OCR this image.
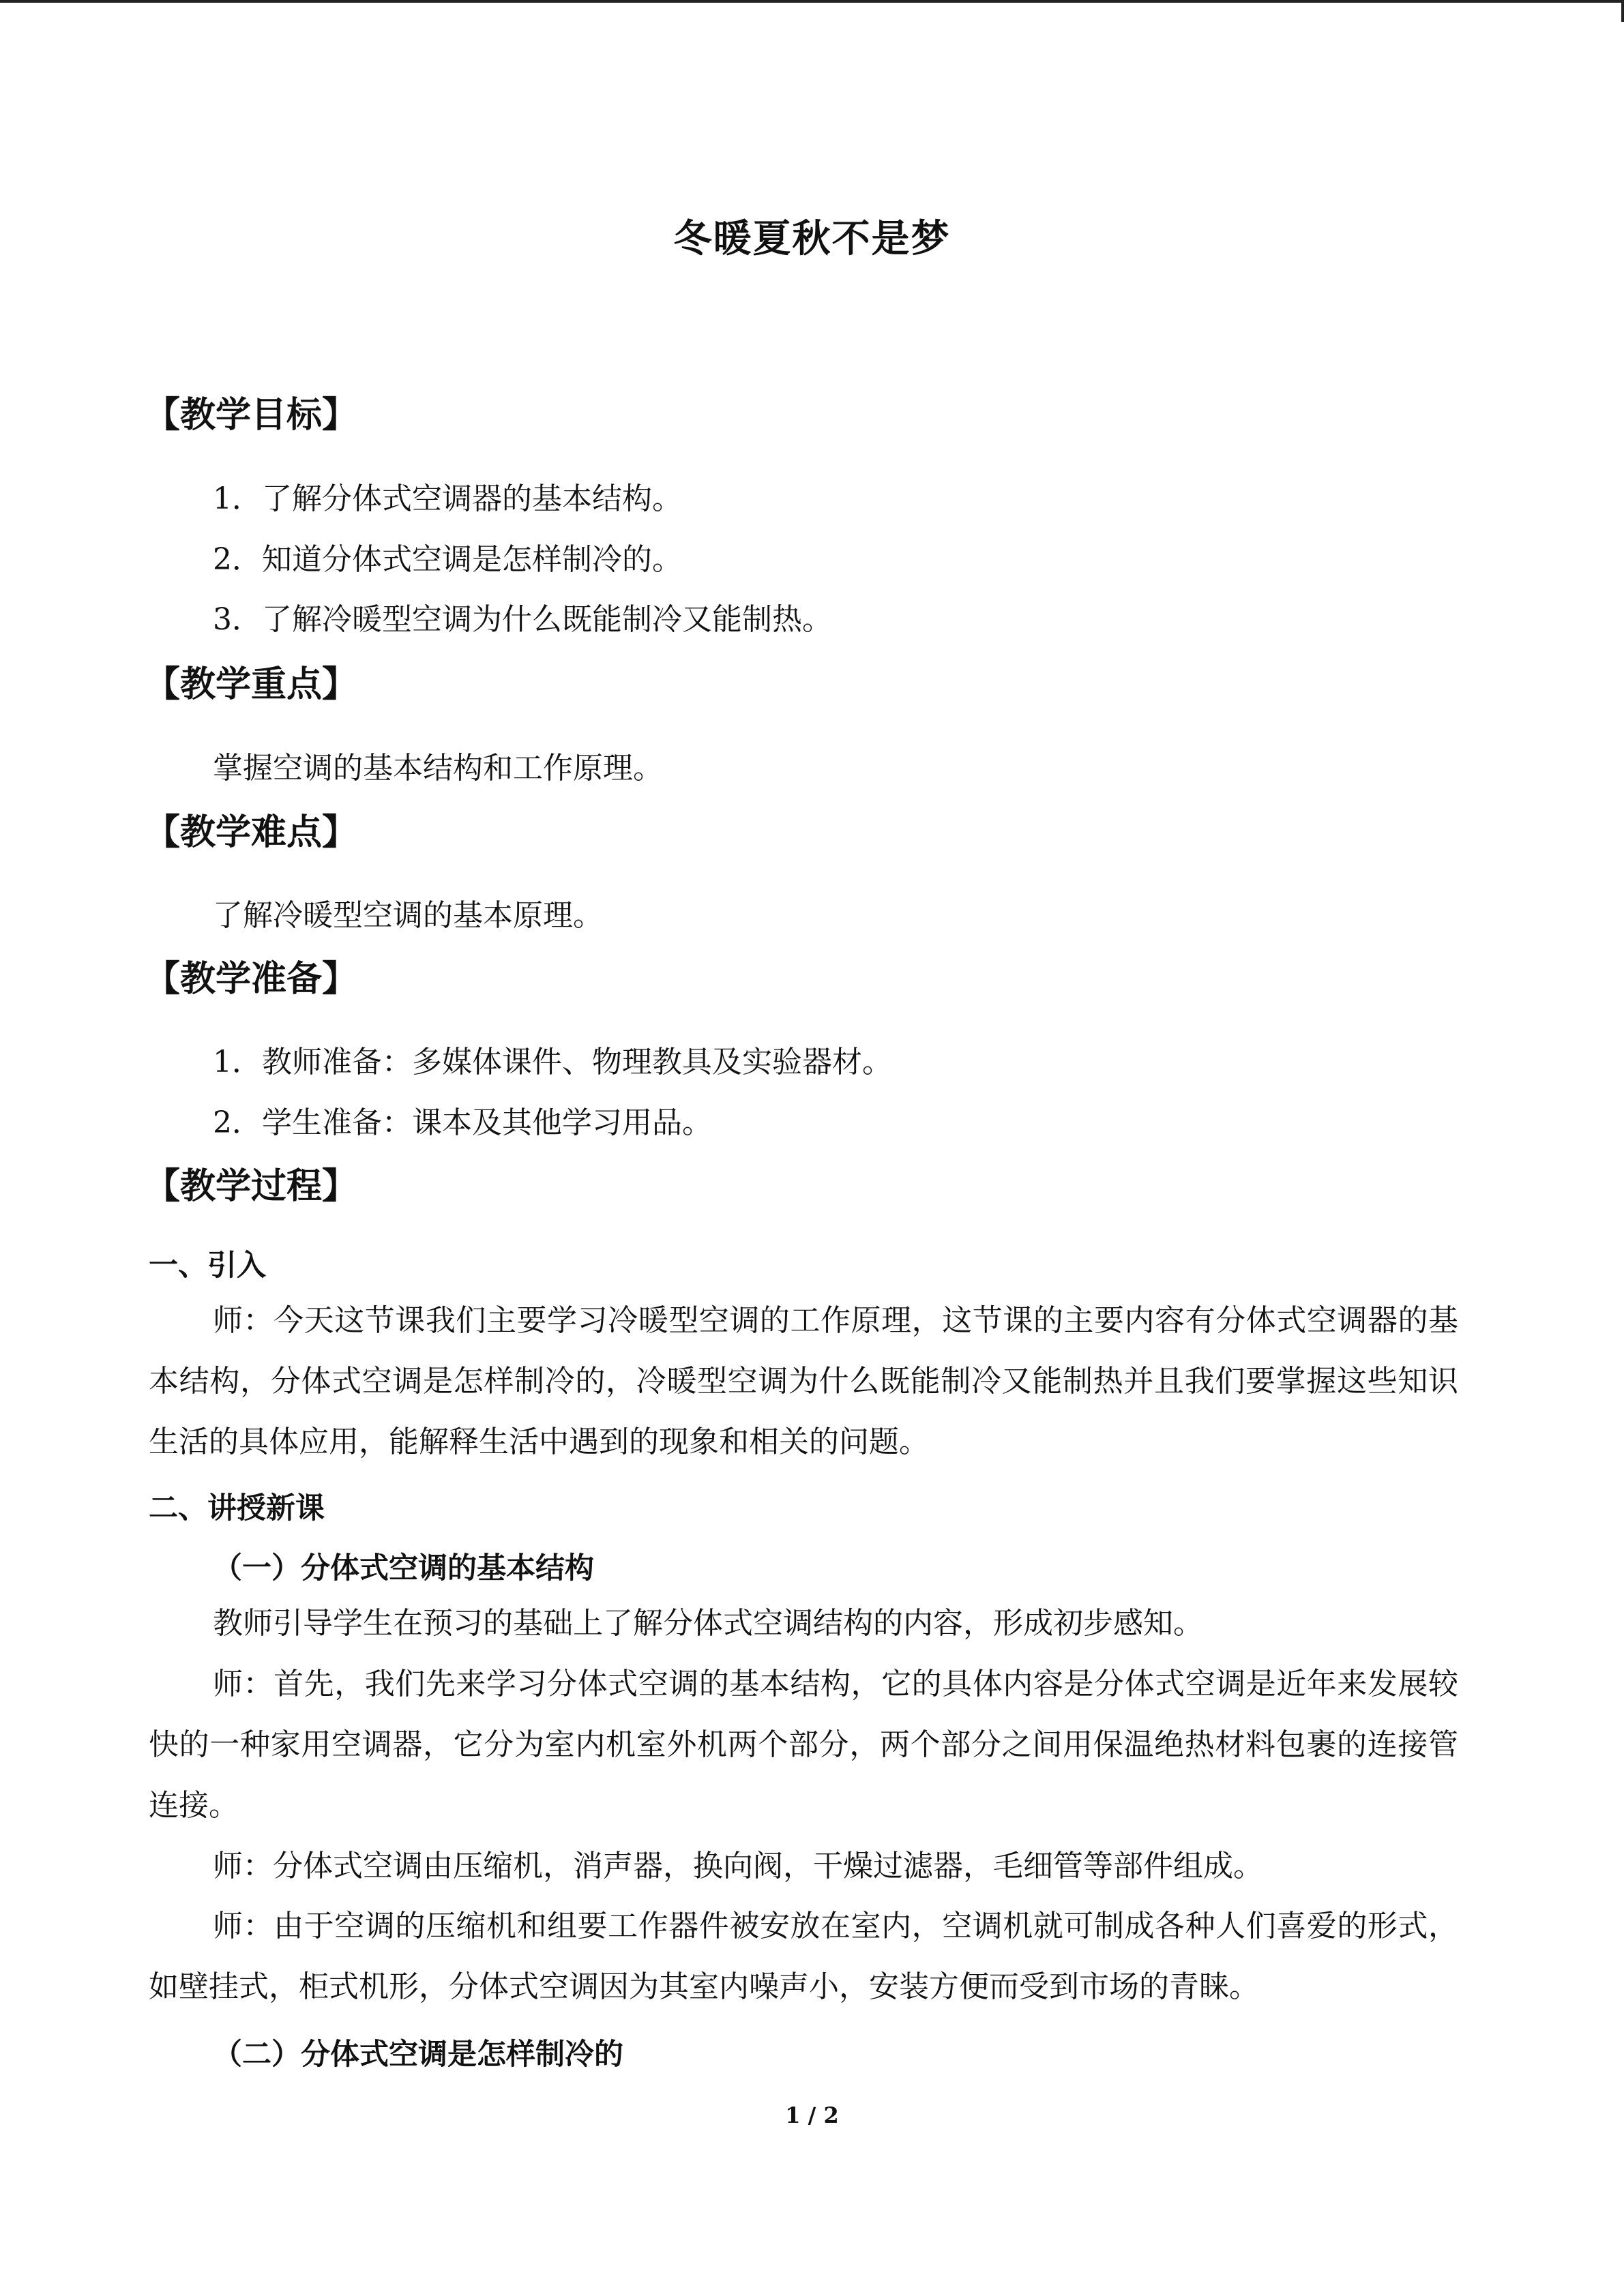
冬暖夏秋不是梦
【教学目标】
1．了解分体式空调器的基本结构。
2．知道分体式空调是怎样制冷的。
3．了解冷暖型空调为什么既能制冷又能制热。
【教学重点】
掌握空调的基本结构和工作原理。
【教学难点】
了解冷暖型空调的基本原理。
【教学准备】
1．教师准备：多媒体课件、物理教具及实验器材。
2．学生准备：课本及其他学习用品。
【教学过程】
一、引入
师：今天这节课我们主要学习冷暖型空调的工作原理，这节课的主要内容有分体式空调器的基本结构，分体式空调是怎样制冷的，冷暖型空调为什么既能制冷又能制热并且我们要掌握这些知识生活的具体应用，能解释生活中遇到的现象和相关的问题。
二、讲授新课
（一）分体式空调的基本结构
教师引导学生在预习的基础上了解分体式空调结构的内容，形成初步感知。
师：首先，我们先来学习分体式空调的基本结构，它的具体内容是分体式空调是近年来发展较快的一种家用空调器，它分为室内机室外机两个部分，两个部分之间用保温绝热材料包裹的连接管连接。
师：分体式空调由压缩机，消声器，换向阀，干燥过滤器，毛细管等部件组成。
师：由于空调的压缩机和组要工作器件被安放在室内，空调机就可制成各种人们喜爱的形式，如壁挂式，柜式机形，分体式空调因为其室内噪声小，安装方便而受到市场的青睐。
（二）分体式空调是怎样制冷的
1 / 2
